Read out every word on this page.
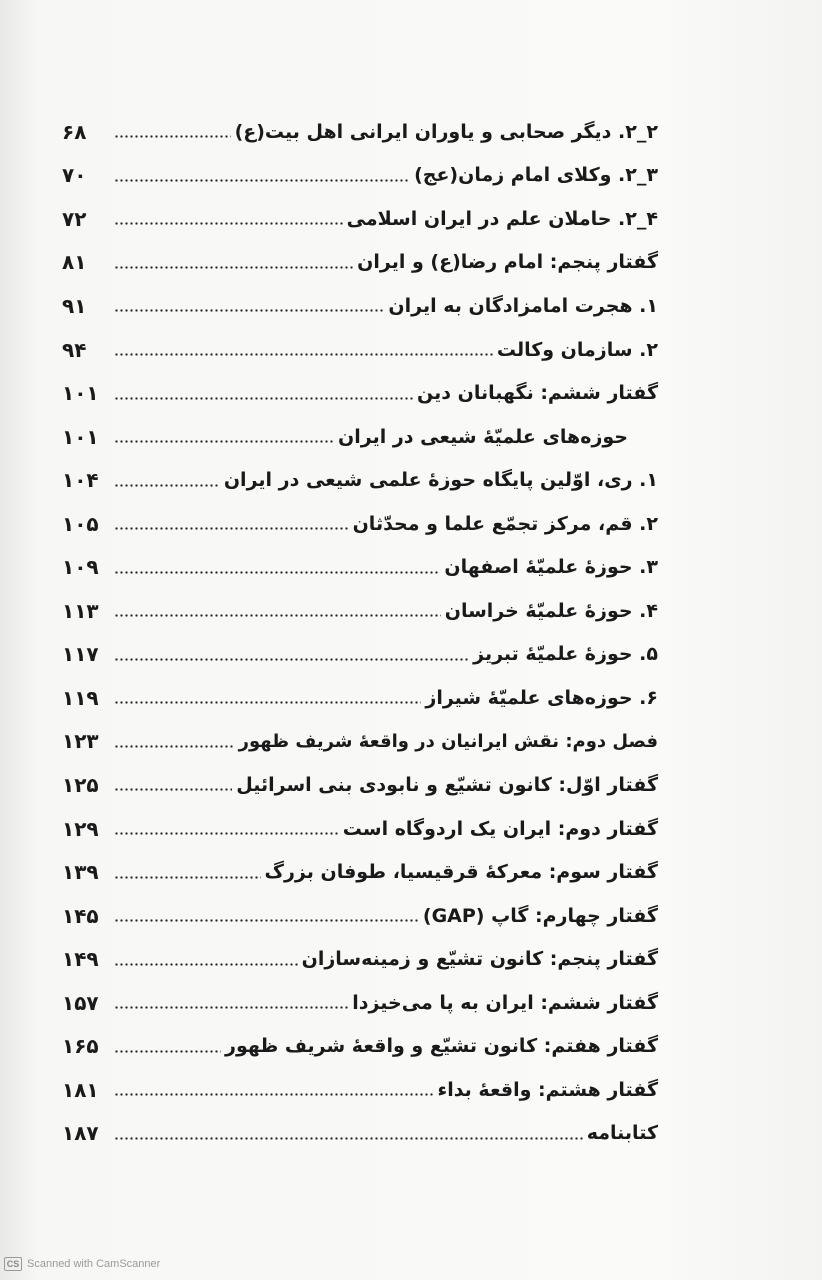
۲_۲. دیگر صحابی و یاوران ایرانی اهل بیت(ع)
۶۸
۳_۲. وکلای امام زمان(عج)
۷۰
۴_۲. حاملان علم در ایران اسلامی
۷۲
گفتار پنجم: امام رضا(ع) و ایران
۸۱
۱. هجرت امامزادگان به ایران
۹۱
۲. سازمان وکالت
۹۴
گفتار ششم: نگهبانان دین
۱۰۱
حوزه‌های علمیّهٔ شیعی در ایران
۱۰۱
۱. ری، اوّلین پایگاه حوزهٔ علمی شیعی در ایران
۱۰۴
۲. قم، مرکز تجمّع علما و محدّثان
۱۰۵
۳. حوزهٔ علمیّهٔ اصفهان
۱۰۹
۴. حوزهٔ علمیّهٔ خراسان
۱۱۳
۵. حوزهٔ علمیّهٔ تبریز
۱۱۷
۶. حوزه‌های علمیّهٔ شیراز
۱۱۹
فصل دوم: نقش ایرانیان در واقعهٔ شریف ظهور
۱۲۳
گفتار اوّل: کانون تشیّع و نابودی بنی اسرائیل
۱۲۵
گفتار دوم: ایران یک اردوگاه است
۱۲۹
گفتار سوم: معرکهٔ قرقیسیا، طوفان بزرگ
۱۳۹
گفتار چهارم: گاپ (GAP)
۱۴۵
گفتار پنجم: کانون تشیّع و زمینه‌سازان
۱۴۹
گفتار ششم: ایران به پا می‌خیزدا
۱۵۷
گفتار هفتم: کانون تشیّع و واقعهٔ شریف ظهور
۱۶۵
گفتار هشتم: واقعهٔ بداء
۱۸۱
کتابنامه
۱۸۷
CS Scanned with CamScanner
